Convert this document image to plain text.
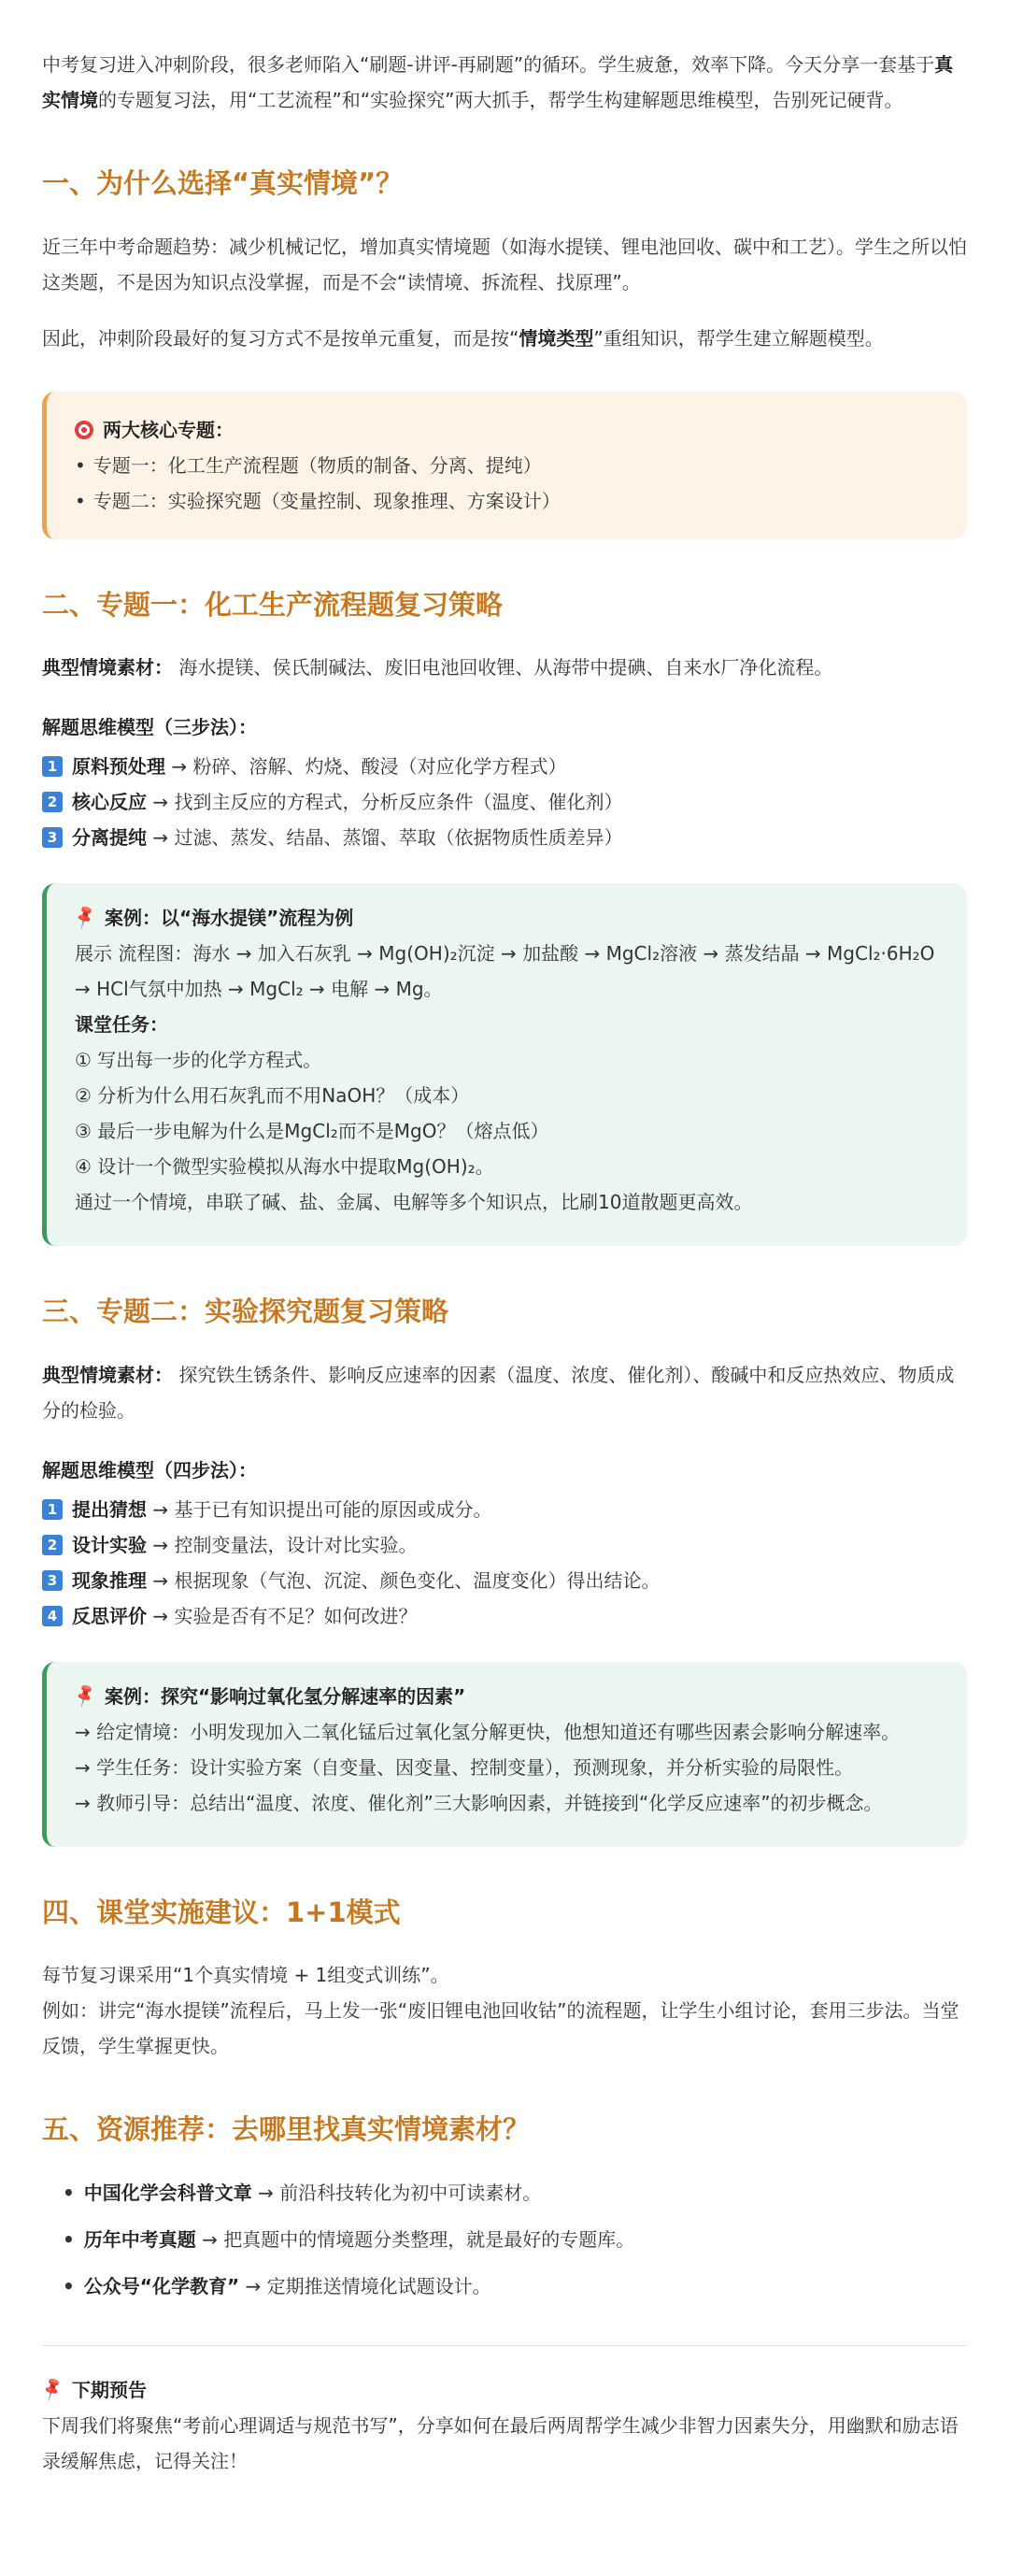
中考复习进入冲刺阶段，很多老师陷入“刷题-讲评-再刷题”的循环。学生疲惫，效率下降。今天分享一套基于真实情境的专题复习法，用“工艺流程”和“实验探究”两大抓手，帮学生构建解题思维模型，告别死记硬背。

一、为什么选择“真实情境”？

近三年中考命题趋势：减少机械记忆，增加真实情境题（如海水提镁、锂电池回收、碳中和工艺）。学生之所以怕这类题，不是因为知识点没掌握，而是不会“读情境、拆流程、找原理”。

因此，冲刺阶段最好的复习方式不是按单元重复，而是按“情境类型”重组知识，帮学生建立解题模型。

两大核心专题：
• 专题一：化工生产流程题（物质的制备、分离、提纯）
• 专题二：实验探究题（变量控制、现象推理、方案设计）
二、专题一：化工生产流程题复习策略

典型情境素材： 海水提镁、侯氏制碱法、废旧电池回收锂、从海带中提碘、自来水厂净化流程。

解题思维模型（三步法）：
1 原料预处理 → 粉碎、溶解、灼烧、酸浸（对应化学方程式）
2 核心反应 → 找到主反应的方程式，分析反应条件（温度、催化剂）
3 分离提纯 → 过滤、蒸发、结晶、蒸馏、萃取（依据物质性质差异）
📌 案例：以“海水提镁”流程为例
展示 流程图：海水 → 加入石灰乳 → Mg(OH)₂沉淀 → 加盐酸 → MgCl₂溶液 → 蒸发结晶 → MgCl₂·6H₂O → HCl气氛中加热 → MgCl₂ → 电解 → Mg。
课堂任务：
① 写出每一步的化学方程式。
② 分析为什么用石灰乳而不用NaOH？（成本）
③ 最后一步电解为什么是MgCl₂而不是MgO？（熔点低）
④ 设计一个微型实验模拟从海水中提取Mg(OH)₂。
通过一个情境，串联了碱、盐、金属、电解等多个知识点，比刷10道散题更高效。
三、专题二：实验探究题复习策略

典型情境素材： 探究铁生锈条件、影响反应速率的因素（温度、浓度、催化剂）、酸碱中和反应热效应、物质成分的检验。

解题思维模型（四步法）：
1 提出猜想 → 基于已有知识提出可能的原因或成分。
2 设计实验 → 控制变量法，设计对比实验。
3 现象推理 → 根据现象（气泡、沉淀、颜色变化、温度变化）得出结论。
4 反思评价 → 实验是否有不足？如何改进？
📌 案例：探究“影响过氧化氢分解速率的因素”
→ 给定情境：小明发现加入二氧化锰后过氧化氢分解更快，他想知道还有哪些因素会影响分解速率。
→ 学生任务：设计实验方案（自变量、因变量、控制变量），预测现象，并分析实验的局限性。
→ 教师引导：总结出“温度、浓度、催化剂”三大影响因素，并链接到“化学反应速率”的初步概念。
四、课堂实施建议：1+1模式
每节复习课采用“1个真实情境 + 1组变式训练”。

例如：讲完“海水提镁”流程后，马上发一张“废旧锂电池回收钴”的流程题，让学生小组讨论，套用三步法。当堂反馈，学生掌握更快。

五、资源推荐：去哪里找真实情境素材？
• 中国化学会科普文章 → 前沿科技转化为初中可读素材。
• 历年中考真题 → 把真题中的情境题分类整理，就是最好的专题库。
• 公众号“化学教育” → 定期推送情境化试题设计。
📌 下期预告
下周我们将聚焦“考前心理调适与规范书写”，分享如何在最后两周帮学生减少非智力因素失分，用幽默和励志语录缓解焦虑，记得关注！
